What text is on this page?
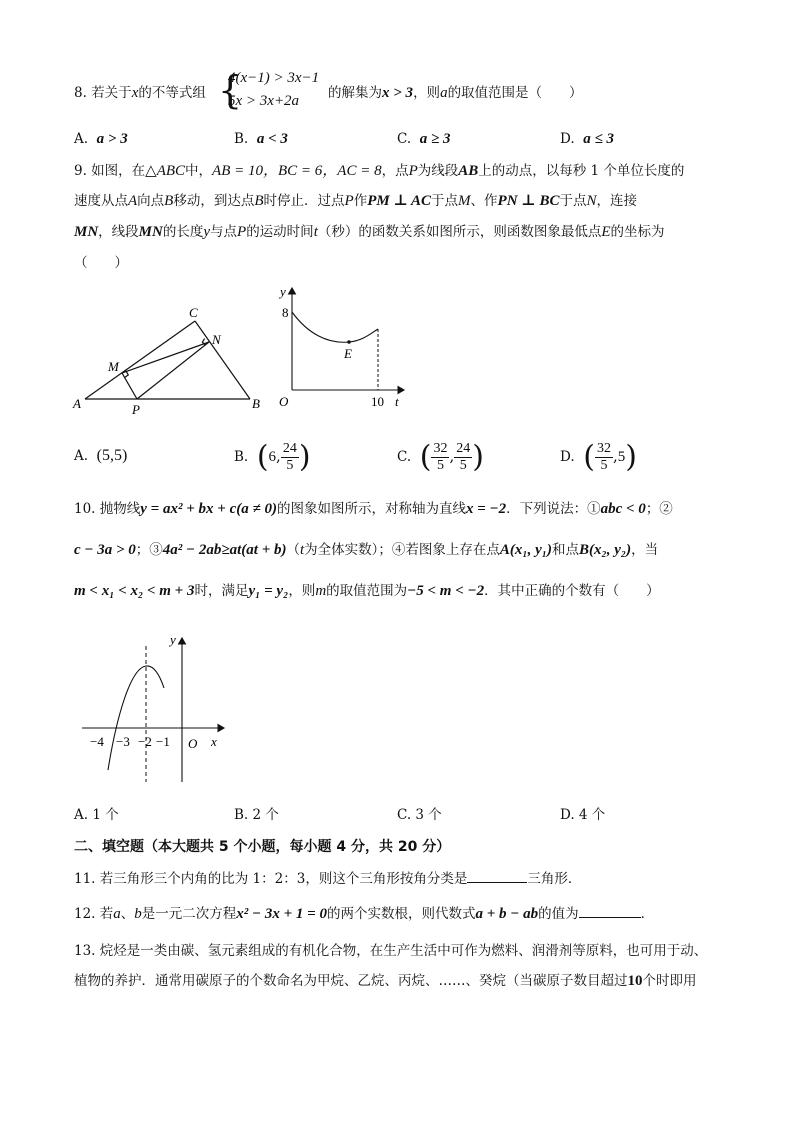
8. 若关于x的不等式组 {
4(x−1) > 3x−1
5x > 3x+2a 的解集为x > 3，则a的取值范围是（　　）
A. a > 3	B. a < 3	C. a ≥ 3	D. a ≤ 3
9. 如图，在△ABC中，AB = 10，BC = 6，AC = 8，点P为线段AB上的动点，以每秒 1 个单位长度的
速度从点A向点B移动，到达点B时停止．过点P作PM ⊥ AC于点M、作PN ⊥ BC于点N，连接
MN，线段MN的长度y与点P的运动时间t（秒）的函数关系如图所示，则函数图象最低点E的坐标为
（　　）
A	B
C
M
N
P
y
8
E
O	10 t
A. (5,5)	B. (6, $\frac{24}{5}$ )	C. ( $\frac{32}{5}$ , $\frac{24}{5}$ )	D. ( $\frac{32}{5} ,5$)
10. 抛物线y = ax² + bx + c(a ≠ 0)的图象如图所示，对称轴为直线x = −2．下列说法：①abc < 0；②
c − 3a > 0；③4a² − 2ab≥at(at + b)（t为全体实数）；④若图象上存在点A(x₁, y₁)和点B(x₂, y₂)，当
m < x₁ < x₂ < m + 3时，满足y₁ = y₂，则m的取值范围为−5 < m < −2．其中正确的个数有（　　）
y
x
O
−4 −3 −2 −1
A. 1 个	B. 2 个	C. 3 个	D. 4 个
二、填空题（本大题共 5 个小题，每小题 4 分，共 20 分）
11. 若三角形三个内角的比为 1：2：3，则这个三角形按角分类是	三角形．
12. 若a、b是一元二次方程x² − 3x + 1 = 0的两个实数根，则代数式a + b − ab的值为	．
13. 烷烃是一类由碳、氢元素组成的有机化合物，在生产生活中可作为燃料、润滑剂等原料，也可用于动、
植物的养护．通常用碳原子的个数命名为甲烷、乙烷、丙烷、……、癸烷（当碳原子数目超过10个时即用
